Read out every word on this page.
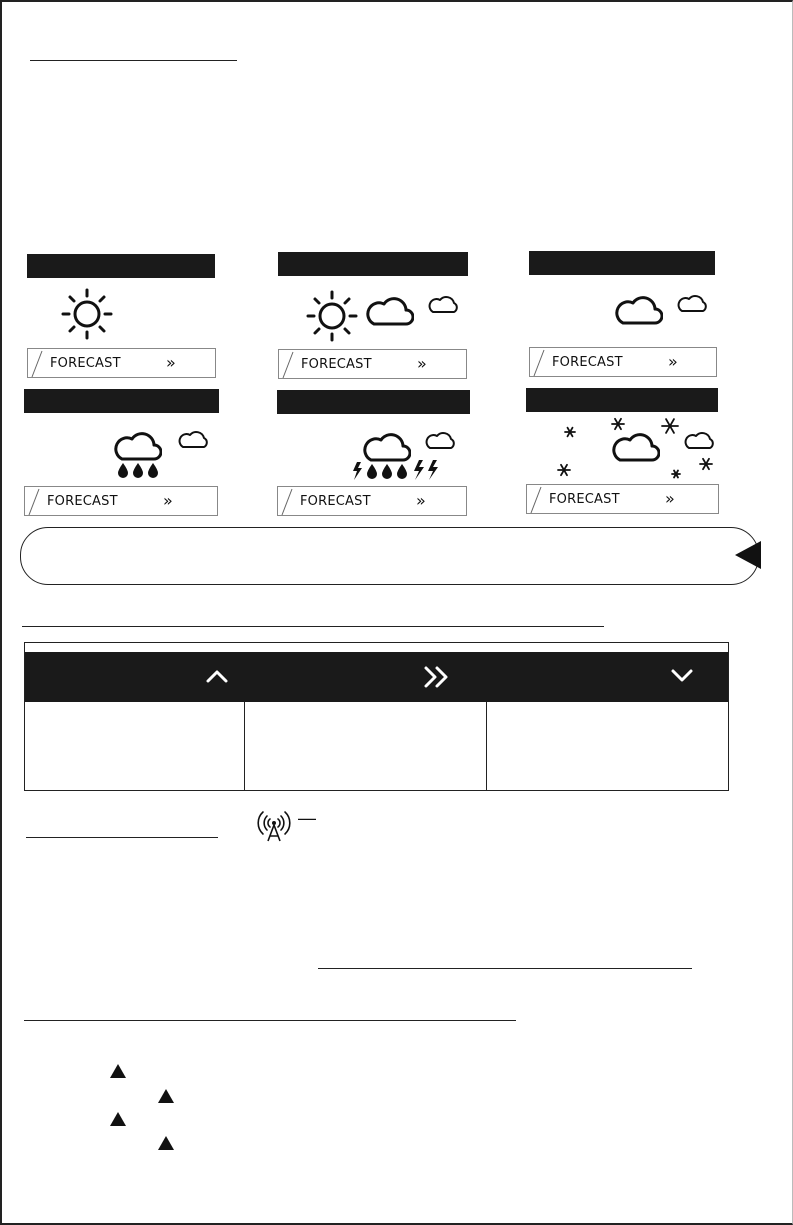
FORECAST	»	FORECAST	»	FORECAST	»
FORECAST	»	FORECAST	»	FORECAST	»
—
